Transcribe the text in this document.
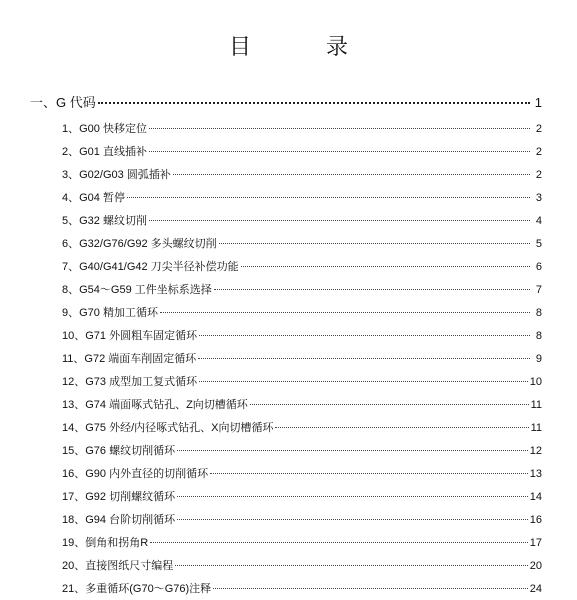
目 录
一、G 代码	1
1、G00 快移定位	2
2、G01 直线插补	2
3、G02/G03 圆弧插补	2
4、G04 暂停	3
5、G32 螺纹切削	4
6、G32/G76/G92 多头螺纹切削	5
7、G40/G41/G42 刀尖半径补偿功能	6
8、G54～G59 工件坐标系选择	7
9、G70 精加工循环	8
10、G71 外圆粗车固定循环	8
11、G72 端面车削固定循环	9
12、G73 成型加工复式循环	10
13、G74 端面啄式钻孔、Z向切槽循环	11
14、G75 外经/内径啄式钻孔、X向切槽循环	11
15、G76 螺纹切削循环	12
16、G90 内外直径的切削循环	13
17、G92 切削螺纹循环	14
18、G94 台阶切削循环	16
19、倒角和拐角R	17
20、直接图纸尺寸编程	20
21、多重循环(G70～G76)注释	24
